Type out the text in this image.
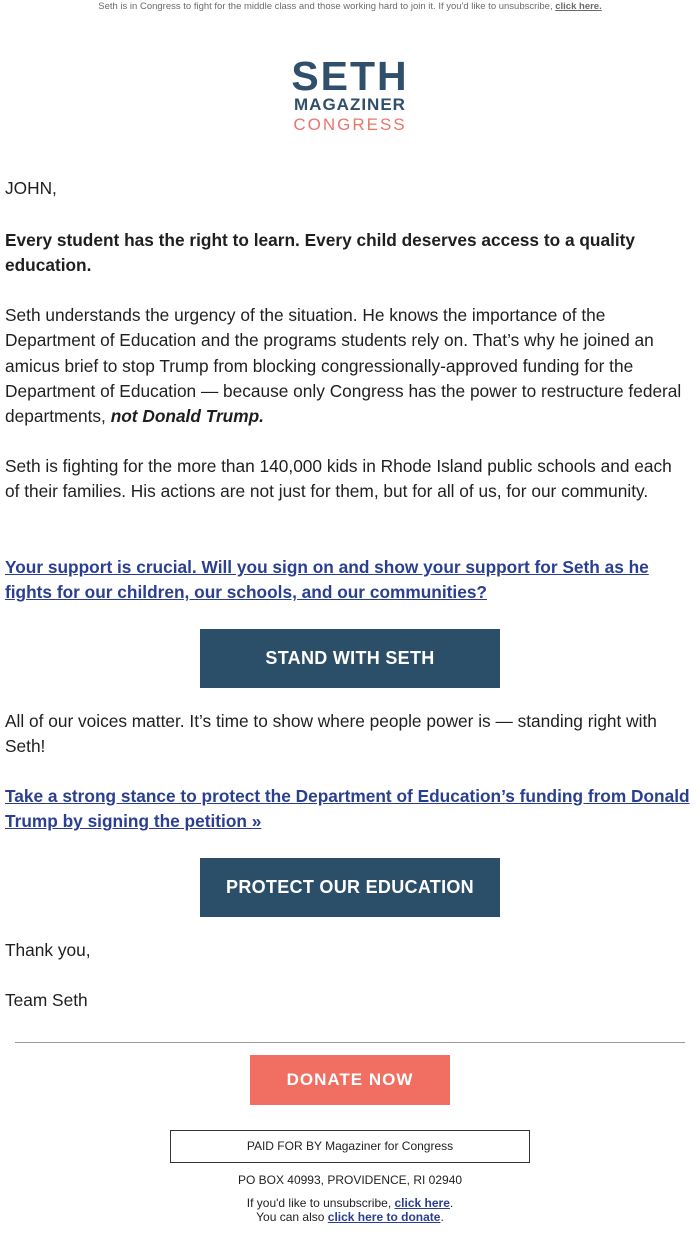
Seth is in Congress to fight for the middle class and those working hard to join it. If you'd like to unsubscribe, click here.
SETH
MAGAZINER
CONGRESS
JOHN,

Every student has the right to learn. Every child deserves access to a quality education.

Seth understands the urgency of the situation. He knows the importance of the Department of Education and the programs students rely on. That’s why he joined an amicus brief to stop Trump from blocking congressionally-approved funding for the Department of Education — because only Congress has the power to restructure federal departments, not Donald Trump.

Seth is fighting for the more than 140,000 kids in Rhode Island public schools and each of their families. His actions are not just for them, but for all of us, for our community.

Your support is crucial. Will you sign on and show your support for Seth as he fights for our children, our schools, and our communities?
STAND WITH SETH

All of our voices matter. It’s time to show where people power is — standing right with Seth!

Take a strong stance to protect the Department of Education’s funding from Donald Trump by signing the petition »
PROTECT OUR EDUCATION
Thank you,
Team Seth
DONATE NOW
PAID FOR BY Magaziner for Congress
PO BOX 40993, PROVIDENCE, RI 02940
If you'd like to unsubscribe, click here.
You can also click here to donate.
